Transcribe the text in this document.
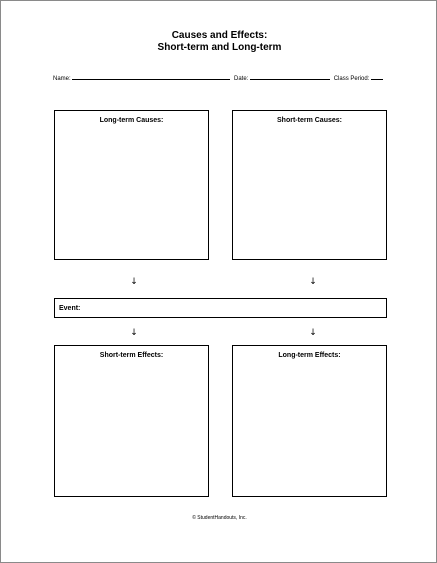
Causes and Effects:
Short-term and Long-term
Name:	Date:	Class Period:
Long-term Causes:	Short-term Causes:
↓	↓
Event:
↓	↓
Short-term Effects:	Long-term Effects:
© StudentHandouts, Inc.
